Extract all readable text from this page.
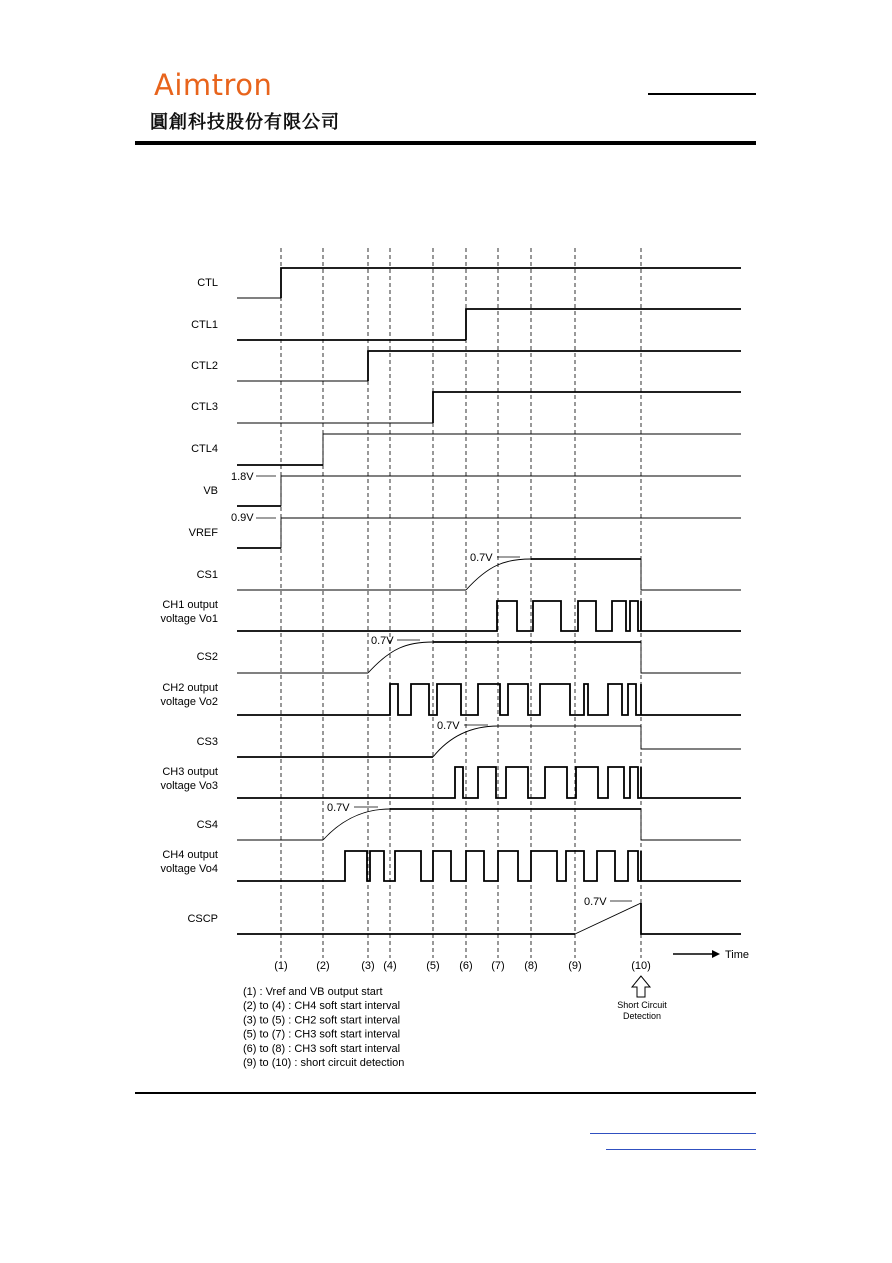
Aimtron
圓創科技股份有限公司
CTL
CTL1
CTL2
CTL3
CTL4
VB
VREF
CS1
CH1 output
voltage Vo1
CS2
CH2 output
voltage Vo2
CS3
CH3 output
voltage Vo3
CS4
CH4 output
voltage Vo4
CSCP
(1)	(2)	(3) (4)	(5) (6) (7) (8)	(9)	(10)
1.8V
0.9V
0.7V
0.7V
0.7V
0.7V
0.7V
Time
Short Circuit
Detection
(1) : Vref and VB output start
(2) to (4) : CH4 soft start interval
(3) to (5) : CH2 soft start interval
(5) to (7) : CH3 soft start interval
(6) to (8) : CH3 soft start interval
(9) to (10) : short circuit detection
